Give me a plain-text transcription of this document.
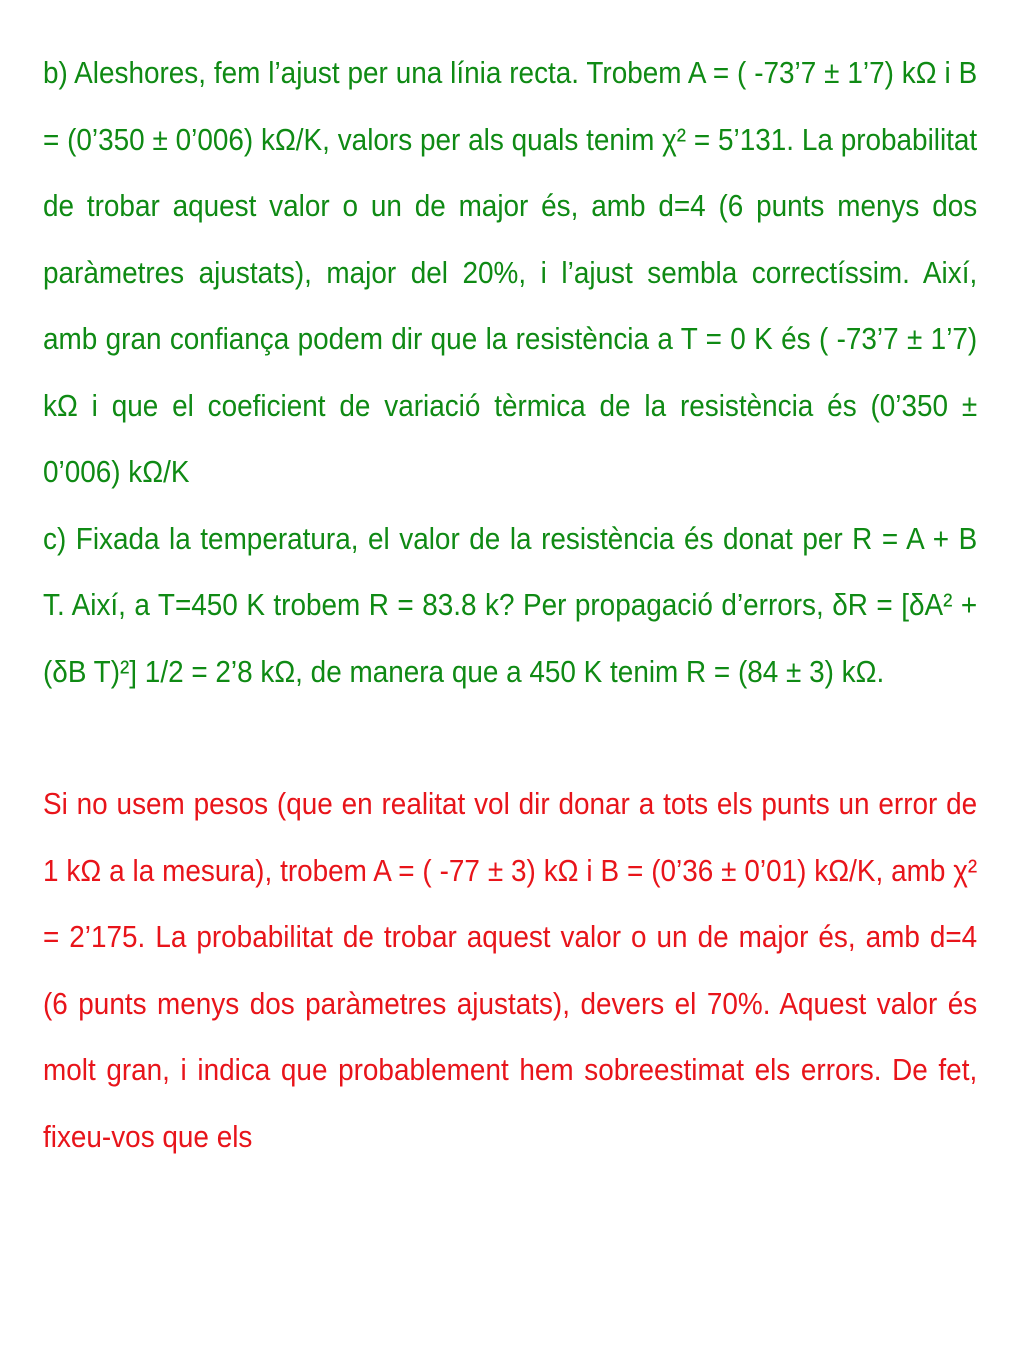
b) Aleshores, fem l’ajust per una línia recta. Trobem A = ( -73’7 ± 1’7) kΩ i B = (0’350 ± 0’006) kΩ/K, valors per als quals tenim χ² = 5’131. La probabilitat de trobar aquest valor o un de major és, amb d=4 (6 punts menys dos paràmetres ajustats), major del 20%, i l’ajust sembla correctíssim. Així, amb gran confiança podem dir que la resistència a T = 0 K és ( -73’7 ± 1’7) kΩ i que el coeficient de variació tèrmica de la resistència és (0’350 ± 0’006) kΩ/K

c) Fixada la temperatura, el valor de la resistència és donat per R = A + B T. Així, a T=450 K trobem R = 83.8 k? Per propagació d’errors, δR = [δA² + (δB T)²] 1/2 = 2’8 kΩ, de manera que a 450 K tenim R = (84 ± 3) kΩ.

Si no usem pesos (que en realitat vol dir donar a tots els punts un error de 1 kΩ a la mesura), trobem A = ( -77 ± 3) kΩ i B = (0’36 ± 0’01) kΩ/K, amb χ² = 2’175. La probabilitat de trobar aquest valor o un de major és, amb d=4 (6 punts menys dos paràmetres ajustats), devers el 70%. Aquest valor és molt gran, i indica que probablement hem sobreestimat els errors. De fet, fixeu-vos que els
